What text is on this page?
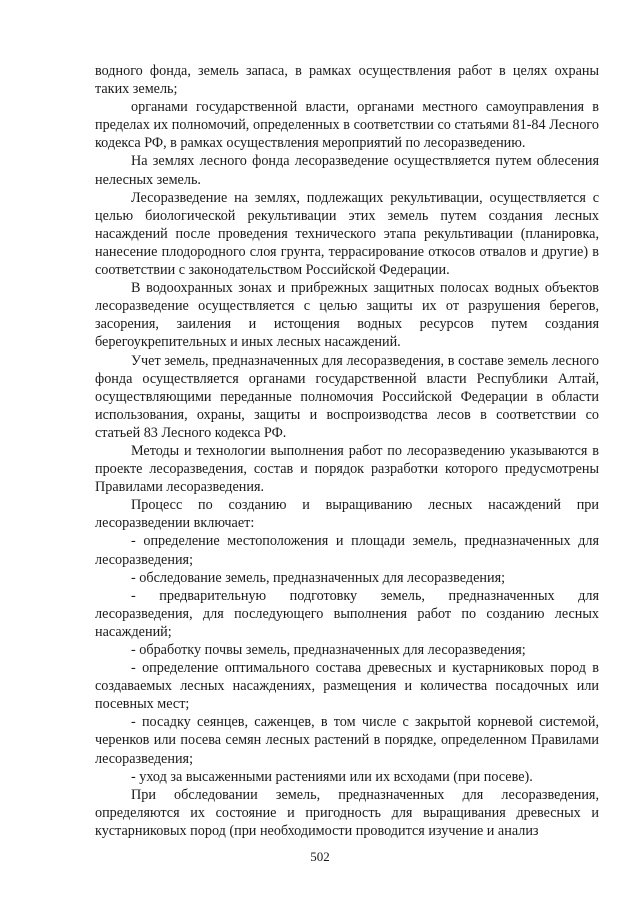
водного фонда, земель запаса, в рамках осуществления работ в целях охраны таких земель;

органами государственной власти, органами местного самоуправления в пределах их полномочий, определенных в соответствии со статьями 81-84 Лесного кодекса РФ, в рамках осуществления мероприятий по лесоразведению.

На землях лесного фонда лесоразведение осуществляется путем облесения нелесных земель.

Лесоразведение на землях, подлежащих рекультивации, осуществляется с целью биологической рекультивации этих земель путем создания лесных насаждений после проведения технического этапа рекультивации (планировка, нанесение плодородного слоя грунта, террасирование откосов отвалов и другие) в соответствии с законодательством Российской Федерации.

В водоохранных зонах и прибрежных защитных полосах водных объектов лесоразведение осуществляется с целью защиты их от разрушения берегов, засорения, заиления и истощения водных ресурсов путем создания берегоукрепительных и иных лесных насаждений.

Учет земель, предназначенных для лесоразведения, в составе земель лесного фонда осуществляется органами государственной власти Республики Алтай, осуществляющими переданные полномочия Российской Федерации в области использования, охраны, защиты и воспроизводства лесов в соответствии со статьей 83 Лесного кодекса РФ.

Методы и технологии выполнения работ по лесоразведению указываются в проекте лесоразведения, состав и порядок разработки которого предусмотрены Правилами лесоразведения.

Процесс по созданию и выращиванию лесных насаждений при лесоразведении включает:

- определение местоположения и площади земель, предназначенных для лесоразведения;

- обследование земель, предназначенных для лесоразведения;

- предварительную подготовку земель, предназначенных для лесоразведения, для последующего выполнения работ по созданию лесных насаждений;

- обработку почвы земель, предназначенных для лесоразведения;

- определение оптимального состава древесных и кустарниковых пород в создаваемых лесных насаждениях, размещения и количества посадочных или посевных мест;

- посадку сеянцев, саженцев, в том числе с закрытой корневой системой, черенков или посева семян лесных растений в порядке, определенном Правилами лесоразведения;

- уход за высаженными растениями или их всходами (при посеве).

При обследовании земель, предназначенных для лесоразведения, определяются их состояние и пригодность для выращивания древесных и кустарниковых пород (при необходимости проводится изучение и анализ

502
